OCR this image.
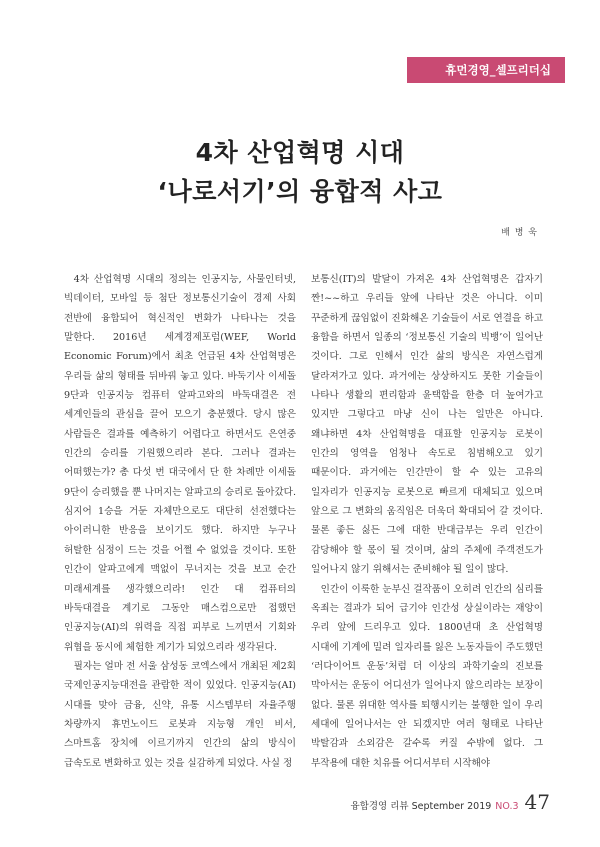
휴먼경영_셀프리더십
4차 산업혁명 시대
‘나로서기’의 융합적 사고
배 병 욱

4차 산업혁명 시대의 정의는 인공지능, 사물인터넷, 빅데이터, 모바일 등 첨단 정보통신기술이 경제 사회 전반에 융합되어 혁신적인 변화가 나타나는 것을 말한다. 2016년 세계경제포럼(WEF, World Economic Forum)에서 최초 언급된 4차 산업혁명은 우리들 삶의 형태를 뒤바꿔 놓고 있다. 바둑기사 이세돌 9단과 인공지능 컴퓨터 알파고와의 바둑대결은 전 세계인들의 관심을 끌어 모으기 충분했다. 당시 많은 사람들은 결과를 예측하기 어렵다고 하면서도 은연중 인간의 승리를 기원했으리라 본다. 그러나 결과는 어떠했는가? 총 다섯 번 대국에서 단 한 차례만 이세돌 9단이 승리했을 뿐 나머지는 알파고의 승리로 돌아갔다. 심지어 1승을 거둔 자체만으로도 대단히 선전했다는 아이러니한 반응을 보이기도 했다. 하지만 누구나 허탈한 심정이 드는 것을 어쩔 수 없었을 것이다. 또한 인간이 알파고에게 맥없이 무너지는 것을 보고 순간 미래세계를 생각했으리라! 인간 대 컴퓨터의 바둑대결을 계기로 그동안 매스컴으로만 접했던 인공지능(AI)의 위력을 직접 피부로 느끼면서 기회와 위협을 동시에 체험한 계기가 되었으리라 생각된다.

필자는 얼마 전 서울 삼성동 코엑스에서 개최된 제2회 국제인공지능대전을 관람한 적이 있었다. 인공지능(AI) 시대를 맞아 금융, 신약, 유통 시스템부터 자율주행 차량까지 휴먼노이드 로봇과 지능형 개인 비서, 스마트홈 장치에 이르기까지 인간의 삶의 방식이 급속도로 변화하고 있는 것을 실감하게 되었다. 사실 정

보통신(IT)의 발달이 가져온 4차 산업혁명은 갑자기 짠!~~하고 우리들 앞에 나타난 것은 아니다. 이미 꾸준하게 끊임없이 진화해온 기술들이 서로 연결을 하고 융합을 하면서 일종의 ‘정보통신 기술의 빅뱅’이 일어난 것이다. 그로 인해서 인간 삶의 방식은 자연스럽게 달라져가고 있다. 과거에는 상상하지도 못한 기술들이 나타나 생활의 편리함과 윤택함을 한층 더 높여가고 있지만 그렇다고 마냥 신이 나는 일만은 아니다. 왜냐하면 4차 산업혁명을 대표할 인공지능 로봇이 인간의 영역을 엄청나 속도로 침범해오고 있기 때문이다. 과거에는 인간만이 할 수 있는 고유의 일자리가 인공지능 로봇으로 빠르게 대체되고 있으며 앞으로 그 변화의 움직임은 더욱더 확대되어 갈 것이다. 물론 좋든 싫든 그에 대한 반대급부는 우리 인간이 감당해야 할 몫이 될 것이며, 삶의 주체에 주객전도가 일어나지 않기 위해서는 준비해야 될 일이 많다.

인간이 이룩한 눈부신 걸작품이 오히려 인간의 심리를 옥죄는 결과가 되어 급기야 인간성 상실이라는 재앙이 우리 앞에 드리우고 있다. 1800년대 초 산업혁명 시대에 기계에 밀려 일자리를 잃은 노동자들이 주도했던 ‘러다이어트 운동’처럼 더 이상의 과학기술의 진보를 막아서는 운동이 어디선가 일어나지 않으리라는 보장이 없다. 물론 위대한 역사를 퇴행시키는 불행한 일이 우리 세대에 일어나서는 안 되겠지만 여러 형태로 나타난 박탈감과 소외감은 갈수록 커질 수밖에 없다. 그 부작용에 대한 치유를 어디서부터 시작해야

융합경영 리뷰 September 2019 NO.3 47
